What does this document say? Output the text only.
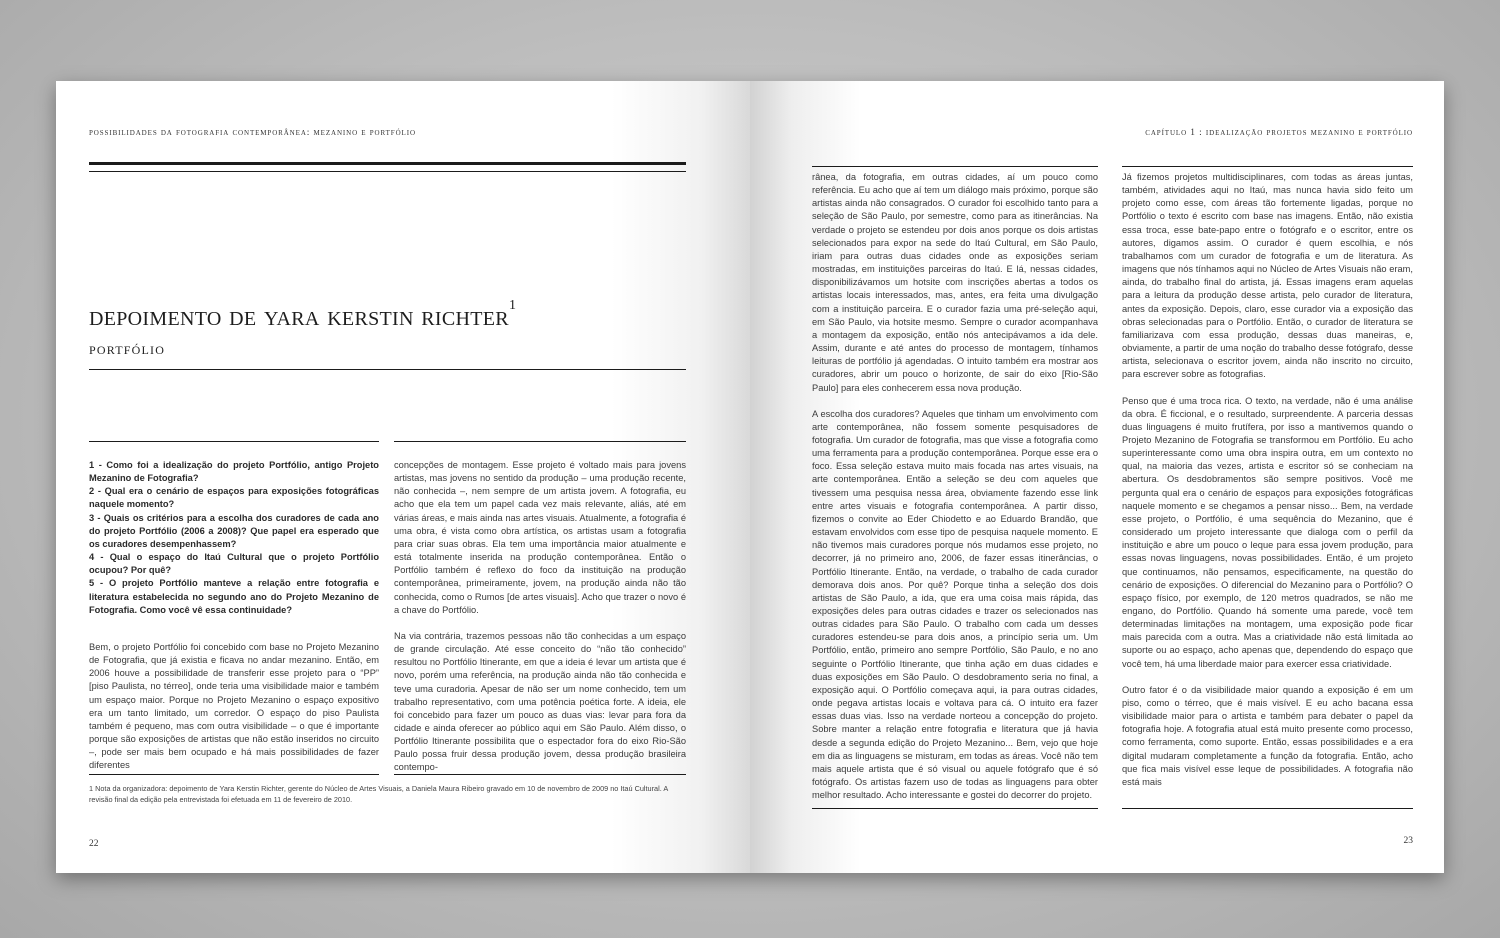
possibilidades da fotografia contemporânea: mezanino e portfólio
depoimento de yara kerstin richter$^1$
portfólio

1 - Como foi a idealização do projeto Portfólio, antigo Projeto Mezanino de Fotografia?

2 - Qual era o cenário de espaços para exposições fotográficas naquele momento?

3 - Quais os critérios para a escolha dos curadores de cada ano do projeto Portfólio (2006 a 2008)? Que papel era esperado que os curadores desempenhassem?

4 - Qual o espaço do Itaú Cultural que o projeto Portfólio ocupou? Por quê?

5 - O projeto Portfólio manteve a relação entre fotografia e literatura estabelecida no segundo ano do Projeto Mezanino de Fotografia. Como você vê essa continuidade?

Bem, o projeto Portfólio foi concebido com base no Projeto Mezanino de Fotografia, que já existia e ficava no andar mezanino. Então, em 2006 houve a possibilidade de transferir esse projeto para o “PP” [piso Paulista, no térreo], onde teria uma visibilidade maior e também um espaço maior. Porque no Projeto Mezanino o espaço expositivo era um tanto limitado, um corredor. O espaço do piso Paulista também é pequeno, mas com outra visibilidade – o que é importante porque são exposições de artistas que não estão inseridos no circuito –, pode ser mais bem ocupado e há mais possibilidades de fazer diferentes

concepções de montagem. Esse projeto é voltado mais para jovens artistas, mas jovens no sentido da produção – uma produção recente, não conhecida –, nem sempre de um artista jovem. A fotografia, eu acho que ela tem um papel cada vez mais relevante, aliás, até em várias áreas, e mais ainda nas artes visuais. Atualmente, a fotografia é uma obra, é vista como obra artística, os artistas usam a fotografia para criar suas obras. Ela tem uma importância maior atualmente e está totalmente inserida na produção contemporânea. Então o Portfólio também é reflexo do foco da instituição na produção contemporânea, primeiramente, jovem, na produção ainda não tão conhecida, como o Rumos [de artes visuais]. Acho que trazer o novo é a chave do Portfólio.

Na via contrária, trazemos pessoas não tão conhecidas a um espaço de grande circulação. Até esse conceito do “não tão conhecido” resultou no Portfólio Itinerante, em que a ideia é levar um artista que é novo, porém uma referência, na produção ainda não tão conhecida e teve uma curadoria. Apesar de não ser um nome conhecido, tem um trabalho representativo, com uma potência poética forte. A ideia, ele foi concebido para fazer um pouco as duas vias: levar para fora da cidade e ainda oferecer ao público aqui em São Paulo. Além disso, o Portfólio Itinerante possibilita que o espectador fora do eixo Rio-São Paulo possa fruir dessa produção jovem, dessa produção brasileira contempo-

1 Nota da organizadora: depoimento de Yara Kerstin Richter, gerente do Núcleo de Artes Visuais, a Daniela Maura Ribeiro gravado em 10 de novembro de 2009 no Itaú Cultural. A revisão final da edição pela entrevistada foi efetuada em 11 de fevereiro de 2010.
22
capítulo 1 : idealização projetos mezanino e portfólio

rânea, da fotografia, em outras cidades, aí um pouco como referência. Eu acho que aí tem um diálogo mais próximo, porque são artistas ainda não consagrados. O curador foi escolhido tanto para a seleção de São Paulo, por semestre, como para as itinerâncias. Na verdade o projeto se estendeu por dois anos porque os dois artistas selecionados para expor na sede do Itaú Cultural, em São Paulo, iriam para outras duas cidades onde as exposições seriam mostradas, em instituições parceiras do Itaú. E lá, nessas cidades, disponibilizávamos um hotsite com inscrições abertas a todos os artistas locais interessados, mas, antes, era feita uma divulgação com a instituição parceira. E o curador fazia uma pré-seleção aqui, em São Paulo, via hotsite mesmo. Sempre o curador acompanhava a montagem da exposição, então nós antecipávamos a ida dele. Assim, durante e até antes do processo de montagem, tínhamos leituras de portfólio já agendadas. O intuito também era mostrar aos curadores, abrir um pouco o horizonte, de sair do eixo [Rio-São Paulo] para eles conhecerem essa nova produção.

A escolha dos curadores? Aqueles que tinham um envolvimento com arte contemporânea, não fossem somente pesquisadores de fotografia. Um curador de fotografia, mas que visse a fotografia como uma ferramenta para a produção contemporânea. Porque esse era o foco. Essa seleção estava muito mais focada nas artes visuais, na arte contemporânea. Então a seleção se deu com aqueles que tivessem uma pesquisa nessa área, obviamente fazendo esse link entre artes visuais e fotografia contemporânea. A partir disso, fizemos o convite ao Eder Chiodetto e ao Eduardo Brandão, que estavam envolvidos com esse tipo de pesquisa naquele momento. E não tivemos mais curadores porque nós mudamos esse projeto, no decorrer, já no primeiro ano, 2006, de fazer essas itinerâncias, o Portfólio Itinerante. Então, na verdade, o trabalho de cada curador demorava dois anos. Por quê? Porque tinha a seleção dos dois artistas de São Paulo, a ida, que era uma coisa mais rápida, das exposições deles para outras cidades e trazer os selecionados nas outras cidades para São Paulo. O trabalho com cada um desses curadores estendeu-se para dois anos, a princípio seria um. Um Portfólio, então, primeiro ano sempre Portfólio, São Paulo, e no ano seguinte o Portfólio Itinerante, que tinha ação em duas cidades e duas exposições em São Paulo. O desdobramento seria no final, a exposição aqui. O Portfólio começava aqui, ia para outras cidades, onde pegava artistas locais e voltava para cá. O intuito era fazer essas duas vias. Isso na verdade norteou a concepção do projeto. Sobre manter a relação entre fotografia e literatura que já havia desde a segunda edição do Projeto Mezanino... Bem, vejo que hoje em dia as linguagens se misturam, em todas as áreas. Você não tem mais aquele artista que é só visual ou aquele fotógrafo que é só fotógrafo. Os artistas fazem uso de todas as linguagens para obter melhor resultado. Acho interessante e gostei do decorrer do projeto.

Já fizemos projetos multidisciplinares, com todas as áreas juntas, também, atividades aqui no Itaú, mas nunca havia sido feito um projeto como esse, com áreas tão fortemente ligadas, porque no Portfólio o texto é escrito com base nas imagens. Então, não existia essa troca, esse bate-papo entre o fotógrafo e o escritor, entre os autores, digamos assim. O curador é quem escolhia, e nós trabalhamos com um curador de fotografia e um de literatura. As imagens que nós tínhamos aqui no Núcleo de Artes Visuais não eram, ainda, do trabalho final do artista, já. Essas imagens eram aquelas para a leitura da produção desse artista, pelo curador de literatura, antes da exposição. Depois, claro, esse curador via a exposição das obras selecionadas para o Portfólio. Então, o curador de literatura se familiarizava com essa produção, dessas duas maneiras, e, obviamente, a partir de uma noção do trabalho desse fotógrafo, desse artista, selecionava o escritor jovem, ainda não inscrito no circuito, para escrever sobre as fotografias.

Penso que é uma troca rica. O texto, na verdade, não é uma análise da obra. É ficcional, e o resultado, surpreendente. A parceria dessas duas linguagens é muito frutífera, por isso a mantivemos quando o Projeto Mezanino de Fotografia se transformou em Portfólio. Eu acho superinteressante como uma obra inspira outra, em um contexto no qual, na maioria das vezes, artista e escritor só se conheciam na abertura. Os desdobramentos são sempre positivos. Você me perguntа qual era o cenário de espaços para exposições fotográficas naquele momento e se chegamos a pensar nisso... Bem, na verdade esse projeto, o Portfólio, é uma sequência do Mezanino, que é considerado um projeto interessante que dialoga com o perfil da instituição e abre um pouco o leque para essa jovem produção, para essas novas linguagens, novas possibilidades. Então, é um projeto que continuamos, não pensamos, especificamente, na questão do cenário de exposições. O diferencial do Mezanino para o Portfólio? O espaço físico, por exemplo, de 120 metros quadrados, se não me engano, do Portfólio. Quando há somente uma parede, você tem determinadas limitações na montagem, uma exposição pode ficar mais parecida com a outra. Mas a criatividade não está limitada ao suporte ou ao espaço, acho apenas que, dependendo do espaço que você tem, há uma liberdade maior para exercer essa criatividade.

Outro fator é o da visibilidade maior quando a exposição é em um piso, como o térreo, que é mais visível. E eu acho bacana essa visibilidade maior para o artista e também para debater o papel da fotografia hoje. A fotografia atual está muito presente como processo, como ferramenta, como suporte. Então, essas possibilidades e a era digital mudaram completamente a função da fotografia. Então, acho que fica mais visível esse leque de possibilidades. A fotografia não está mais

23
